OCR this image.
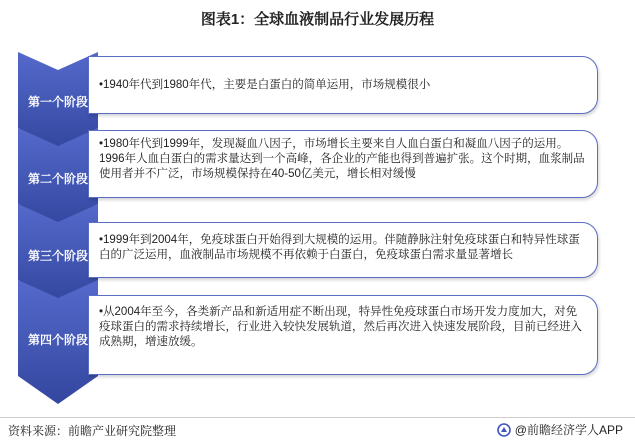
图表1：全球血液制品行业发展历程
第一个阶段
第二个阶段
第三个阶段
第四个阶段
•1940年代到1980年代，主要是白蛋白的简单运用，市场规模很小
•1980年代到1999年，发现凝血八因子，市场增长主要来自人血白蛋白和凝血八因子的运用。1996年人血白蛋白的需求量达到一个高峰，各企业的产能也得到普遍扩张。这个时期，血浆制品使用者并不广泛，市场规模保持在40-50亿美元，增长相对缓慢
•1999年到2004年，免疫球蛋白开始得到大规模的运用。伴随静脉注射免疫球蛋白和特异性球蛋白的广泛运用，血液制品市场规模不再依赖于白蛋白，免疫球蛋白需求量显著增长
•从2004年至今，各类新产品和新适用症不断出现，特异性免疫球蛋白市场开发力度加大，对免疫球蛋白的需求持续增长，行业进入较快发展轨道，然后再次进入快速发展阶段，目前已经进入成熟期，增速放缓。
资料来源：前瞻产业研究院整理	@前瞻经济学人APP
